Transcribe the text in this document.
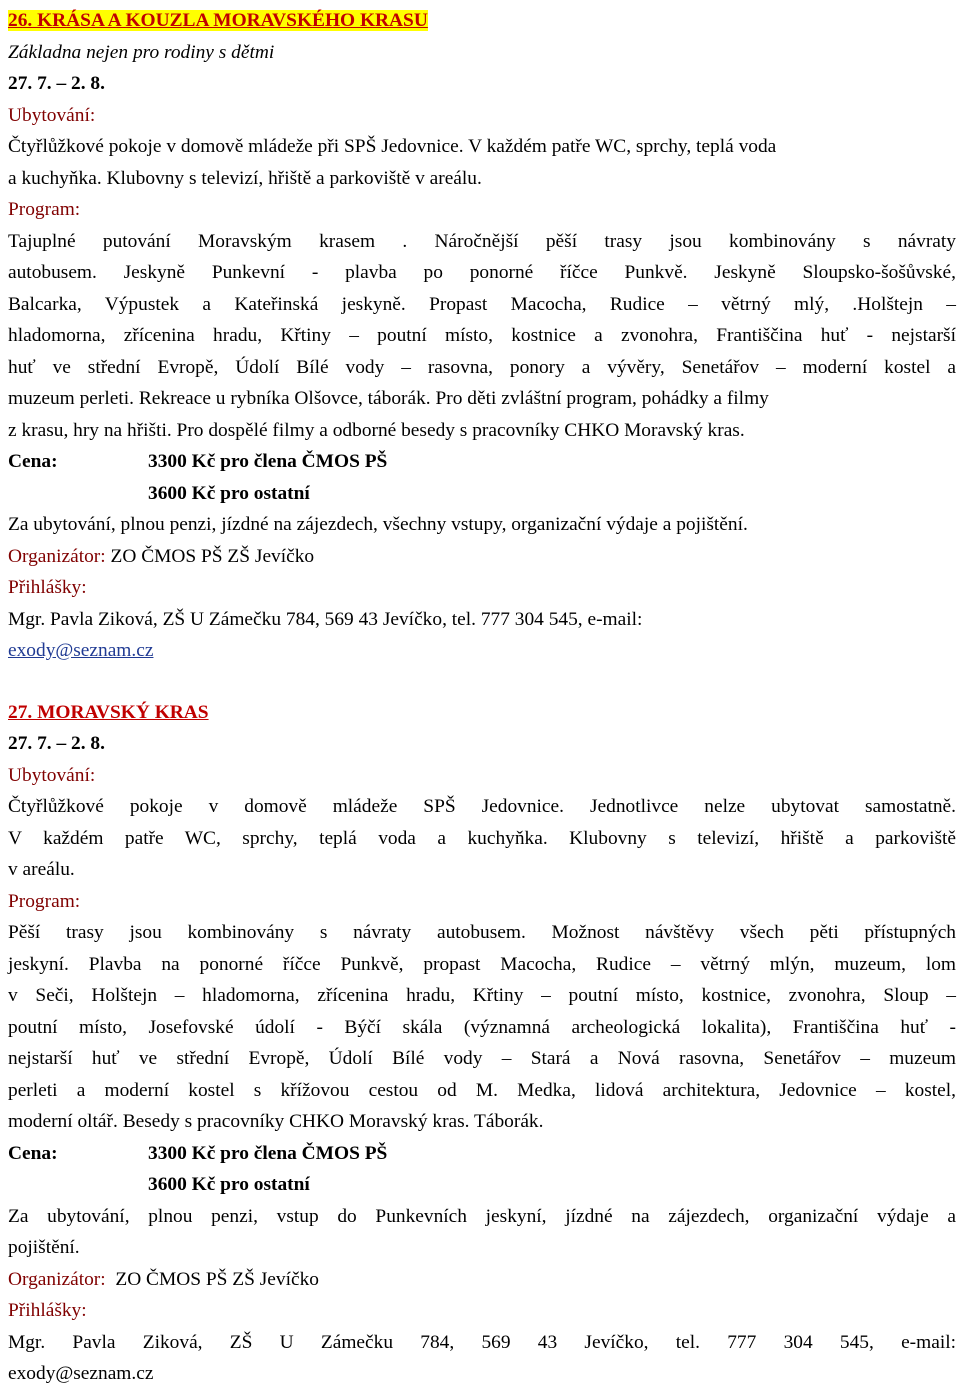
26. KRÁSA A KOUZLA MORAVSKÉHO KRASU
Základna nejen pro rodiny s dětmi
27. 7. – 2. 8.
Ubytování:
Čtyřlůžkové pokoje v domově mládeže při SPŠ Jedovnice. V každém patře WC, sprchy, teplá voda
a kuchyňka. Klubovny s televizí, hřiště a parkoviště v areálu.
Program:
Tajuplné putování Moravským krasem . Náročnější pěší trasy jsou kombinovány s návraty
autobusem. Jeskyně Punkevní - plavba po ponorné říčce Punkvě. Jeskyně Sloupsko-šošůvské,
Balcarka, Výpustek a Kateřinská jeskyně. Propast Macocha, Rudice – větrný mlý, .Holštejn –
hladomorna, zřícenina hradu, Křtiny – poutní místo, kostnice a zvonohra, Františčina huť - nejstarší
huť ve střední Evropě, Údolí Bílé vody – rasovna, ponory a vývěry, Senetářov – moderní kostel a
muzeum perleti. Rekreace u rybníka Olšovce, táborák. Pro děti zvláštní program, pohádky a filmy
z krasu, hry na hřišti. Pro dospělé filmy a odborné besedy s pracovníky CHKO Moravský kras.
Cena:	3300 Kč pro člena ČMOS PŠ
3600 Kč pro ostatní
Za ubytování, plnou penzi, jízdné na zájezdech, všechny vstupy, organizační výdaje a pojištění.
Organizátor: ZO ČMOS PŠ ZŠ Jevíčko
Přihlášky:
Mgr. Pavla Ziková, ZŠ U Zámečku 784, 569 43 Jevíčko, tel. 777 304 545, e-mail:
exody@seznam.cz
27. MORAVSKÝ KRAS
27. 7. – 2. 8.
Ubytování:
Čtyřlůžkové pokoje v domově mládeže SPŠ Jedovnice. Jednotlivce nelze ubytovat samostatně.
V každém patře WC, sprchy, teplá voda a kuchyňka. Klubovny s televizí, hřiště a parkoviště
v areálu.
Program:
Pěší trasy jsou kombinovány s návraty autobusem. Možnost návštěvy všech pěti přístupných
jeskyní. Plavba na ponorné říčce Punkvě, propast Macocha, Rudice – větrný mlýn, muzeum, lom
v Seči, Holštejn – hladomorna, zřícenina hradu, Křtiny – poutní místo, kostnice, zvonohra, Sloup –
poutní místo, Josefovské údolí - Býčí skála (významná archeologická lokalita), Františčina huť -
nejstarší huť ve střední Evropě, Údolí Bílé vody – Stará a Nová rasovna, Senetářov – muzeum
perleti a moderní kostel s křížovou cestou od M. Medka, lidová architektura, Jedovnice – kostel,
moderní oltář. Besedy s pracovníky CHKO Moravský kras. Táborák.
Cena:	3300 Kč pro člena ČMOS PŠ
3600 Kč pro ostatní
Za ubytování, plnou penzi, vstup do Punkevních jeskyní, jízdné na zájezdech, organizační výdaje a
pojištění.
Organizátor: ZO ČMOS PŠ ZŠ Jevíčko
Přihlášky:
Mgr. Pavla Ziková, ZŠ U Zámečku 784, 569 43 Jevíčko, tel. 777 304 545, e-mail:
exody@seznam.cz
